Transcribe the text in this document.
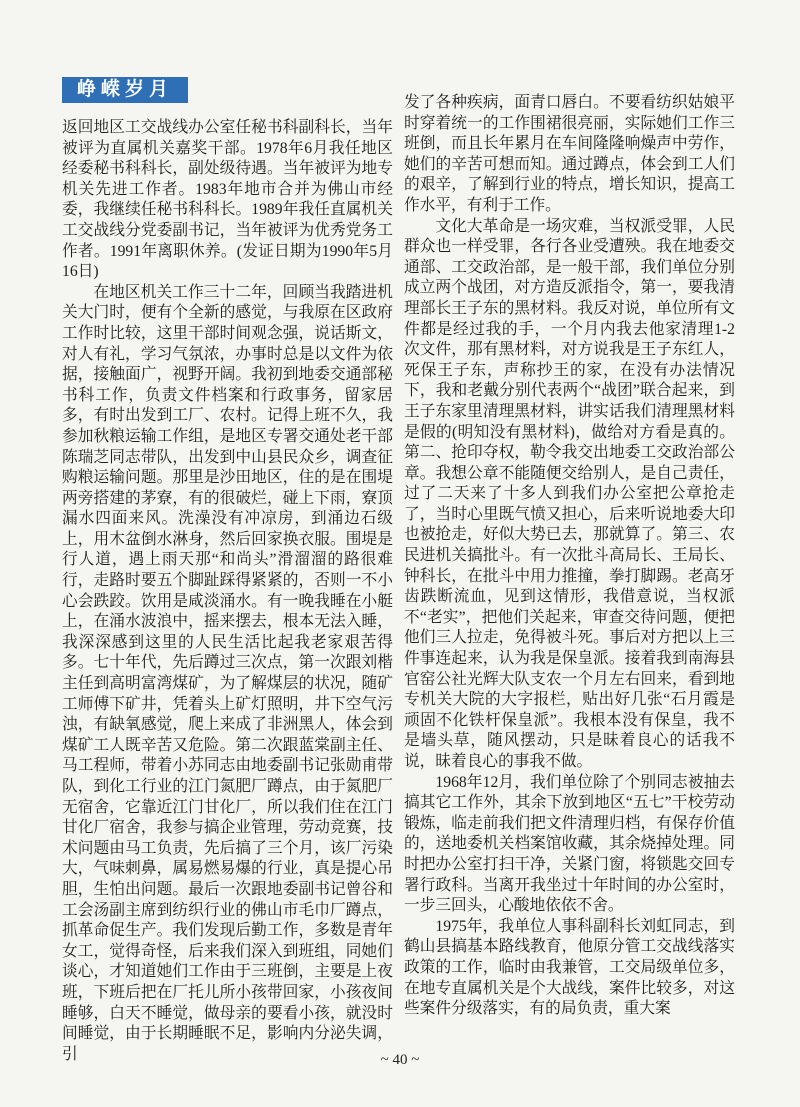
峥嵘岁月

返回地区工交战线办公室任秘书科副科长，当年被评为直属机关嘉奖干部。1978年6月我任地区经委秘书科科长，副处级待遇。当年被评为地专机关先进工作者。1983年地市合并为佛山市经委，我继续任秘书科科长。1989年我任直属机关工交战线分党委副书记，当年被评为优秀党务工作者。1991年离职休养。(发证日期为1990年5月16日)

在地区机关工作三十二年，回顾当我踏进机关大门时，便有个全新的感觉，与我原在区政府工作时比较，这里干部时间观念强，说话斯文，对人有礼，学习气氛浓，办事时总是以文件为依据，接触面广，视野开阔。我初到地委交通部秘书科工作，负责文件档案和行政事务，留家居多，有时出发到工厂、农村。记得上班不久，我参加秋粮运输工作组，是地区专署交通处老干部陈瑞芝同志带队，出发到中山县民众乡，调查征购粮运输问题。那里是沙田地区，住的是在围堤两旁搭建的茅寮，有的很破烂，碰上下雨，寮顶漏水四面来风。洗澡没有冲凉房，到涌边石级上，用木盆倒水淋身，然后回家换衣服。围堤是行人道，遇上雨天那“和尚头”滑溜溜的路很难行，走路时要五个脚趾踩得紧紧的，否则一不小心会跌跤。饮用是咸淡涌水。有一晚我睡在小艇上，在涌水波浪中，摇来摆去，根本无法入睡，我深深感到这里的人民生活比起我老家艰苦得多。七十年代，先后蹲过三次点，第一次跟刘楷主任到高明富湾煤矿，为了解煤层的状况，随矿工师傅下矿井，凭着头上矿灯照明，井下空气污浊，有缺氧感觉，爬上来成了非洲黑人，体会到煤矿工人既辛苦又危险。第二次跟蓝棠副主任、马工程师，带着小苏同志由地委副书记张勋甫带队，到化工行业的江门氮肥厂蹲点，由于氮肥厂无宿舍，它靠近江门甘化厂，所以我们住在江门甘化厂宿舍，我参与搞企业管理，劳动竞赛，技术问题由马工负责，先后搞了三个月，该厂污染大，气味刺鼻，属易燃易爆的行业，真是提心吊胆，生怕出问题。最后一次跟地委副书记曾谷和工会汤副主席到纺织行业的佛山市毛巾厂蹲点，抓革命促生产。我们发现后勤工作，多数是青年女工，觉得奇怪，后来我们深入到班组，同她们谈心，才知道她们工作由于三班倒，主要是上夜班，下班后把在厂托儿所小孩带回家，小孩夜间睡够，白天不睡觉，做母亲的要看小孩，就没时间睡觉，由于长期睡眠不足，影响内分泌失调，引

发了各种疾病，面青口唇白。不要看纺织姑娘平时穿着统一的工作围裙很亮丽，实际她们工作三班倒，而且长年累月在车间隆隆响燥声中劳作，她们的辛苦可想而知。通过蹲点，体会到工人们的艰辛，了解到行业的特点，增长知识，提高工作水平，有利于工作。

文化大革命是一场灾难，当权派受罪，人民群众也一样受罪，各行各业受遭殃。我在地委交通部、工交政治部，是一般干部，我们单位分别成立两个战团，对方造反派指令，第一，要我清理部长王子东的黑材料。我反对说，单位所有文件都是经过我的手，一个月内我去他家清理1-2次文件，那有黑材料，对方说我是王子东红人，死保王子东，声称抄王的家，在没有办法情况下，我和老戴分别代表两个“战团”联合起来，到王子东家里清理黑材料，讲实话我们清理黑材料是假的(明知没有黑材料)，做给对方看是真的。第二、抢印夺权，勒令我交出地委工交政治部公章。我想公章不能随便交给别人，是自己责任，过了二天来了十多人到我们办公室把公章抢走了，当时心里既气愤又担心，后来听说地委大印也被抢走，好似大势已去，那就算了。第三、农民进机关搞批斗。有一次批斗高局长、王局长、钟科长，在批斗中用力推撞，拳打脚踢。老高牙齿跌断流血，见到这情形，我借意说，当权派不“老实”，把他们关起来，审查交待问题，便把他们三人拉走，免得被斗死。事后对方把以上三件事连起来，认为我是保皇派。接着我到南海县官窑公社光辉大队支农一个月左右回来，看到地专机关大院的大字报栏，贴出好几张“石月霞是顽固不化铁杆保皇派”。我根本没有保皇，我不是墙头草，随风摆动，只是昧着良心的话我不说，昧着良心的事我不做。

1968年12月，我们单位除了个别同志被抽去搞其它工作外，其余下放到地区“五七”干校劳动锻炼，临走前我们把文件清理归档，有保存价值的，送地委机关档案馆收藏，其余烧掉处理。同时把办公室打扫干净，关紧门窗，将锁匙交回专署行政科。当离开我坐过十年时间的办公室时，一步三回头，心酸地依依不舍。

1975年，我单位人事科副科长刘虹同志，到鹤山县搞基本路线教育，他原分管工交战线落实政策的工作，临时由我兼管，工交局级单位多，在地专直属机关是个大战线，案件比较多，对这些案件分级落实，有的局负责，重大案

~ 40 ~
